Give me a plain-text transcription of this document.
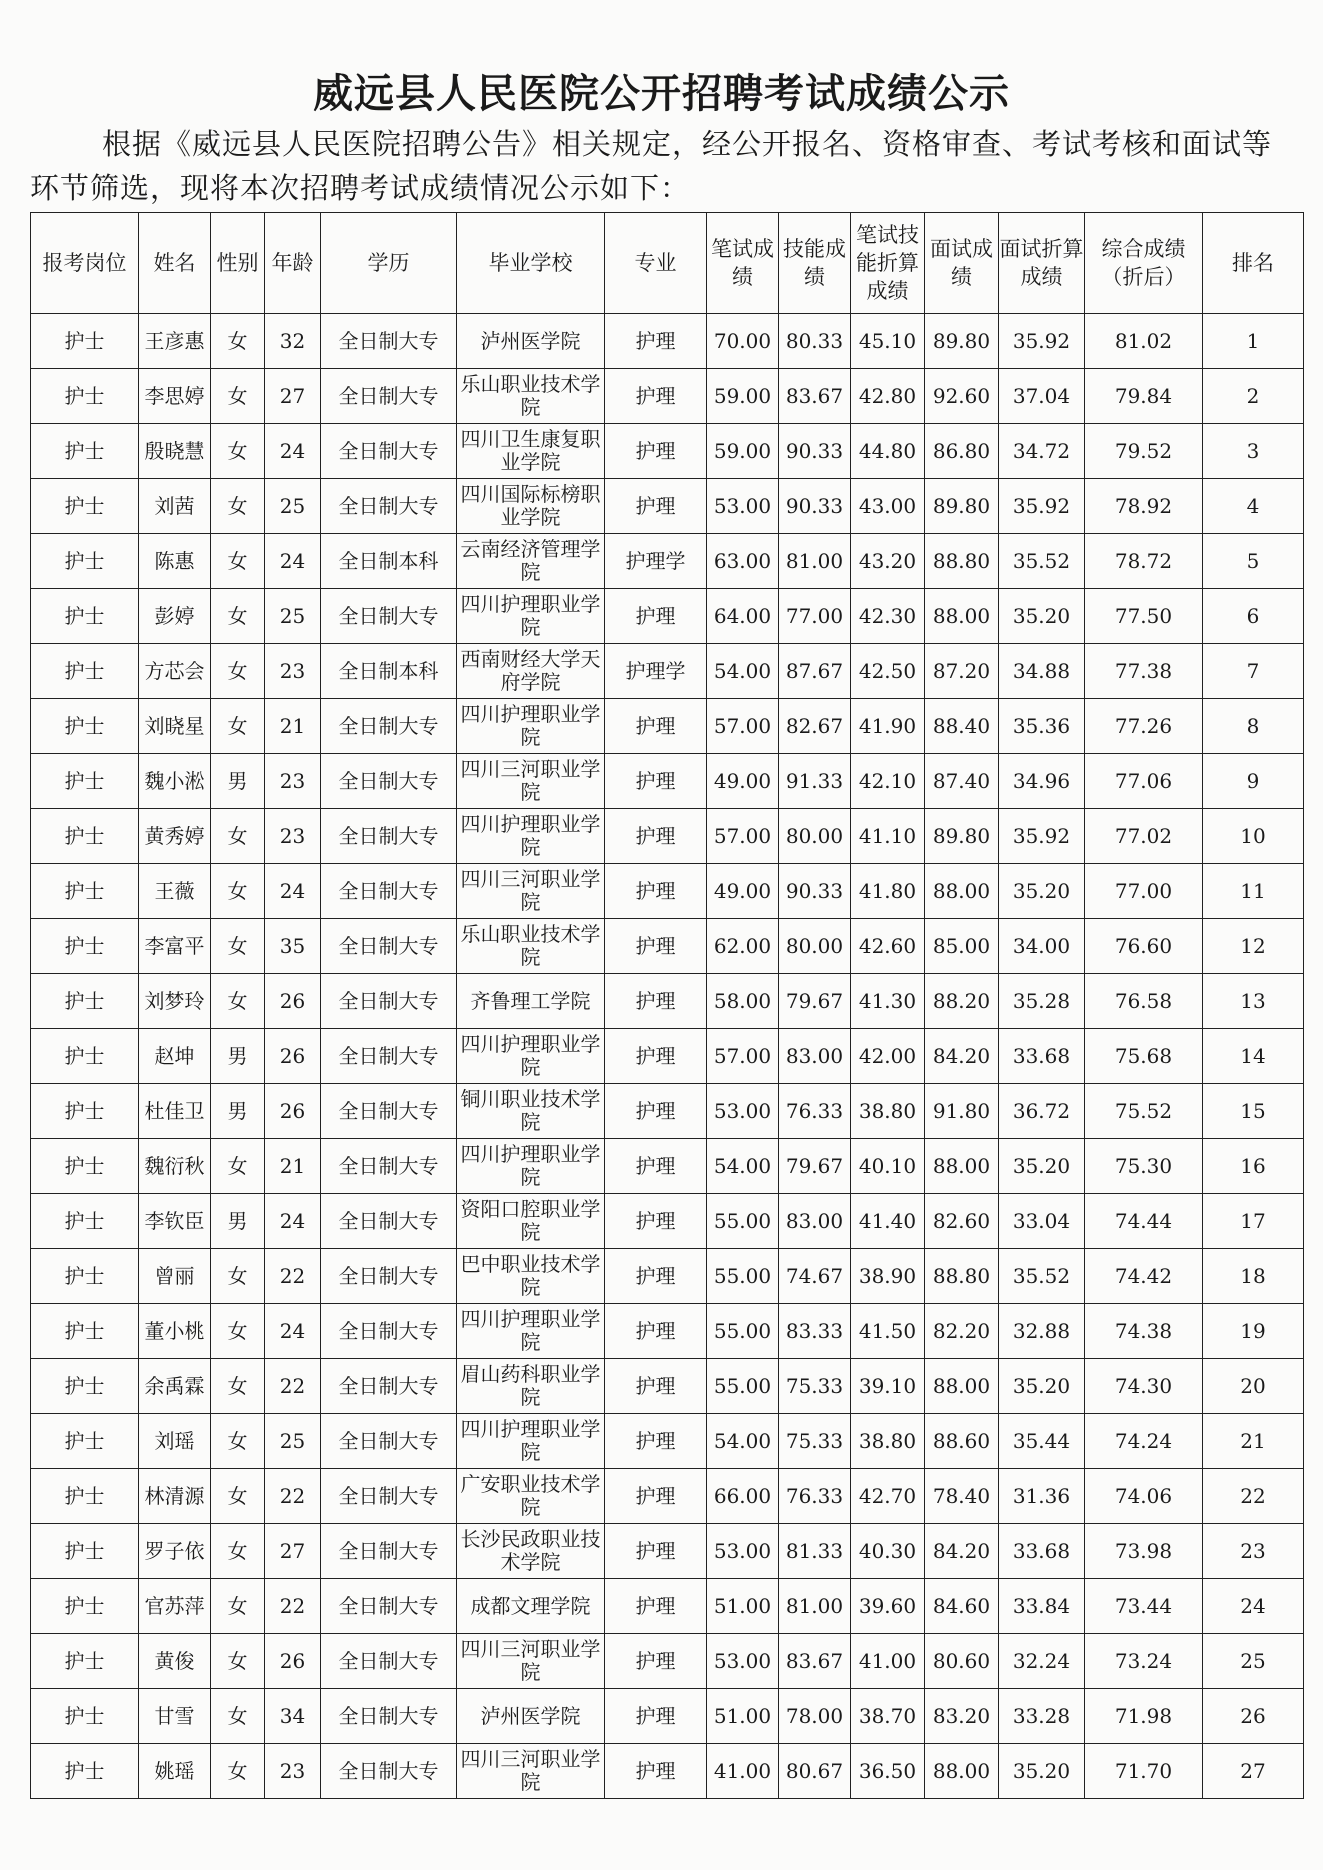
威远县人民医院公开招聘考试成绩公示
根据《威远县人民医院招聘公告》相关规定，经公开报名、资格审查、考试考核和面试等环节筛选，现将本次招聘考试成绩情况公示如下：
报考岗位	姓名	性别	年龄	学历	毕业学校	专业	笔试成绩	技能成绩	笔试技能折算成绩	面试成绩	面试折算成绩	综合成绩（折后）	排名
护士	王彦惠	女	32	全日制大专	泸州医学院	护理	70.00	80.33	45.10	89.80	35.92	81.02	1
护士	李思婷	女	27	全日制大专	乐山职业技术学院	护理	59.00	83.67	42.80	92.60	37.04	79.84	2
护士	殷晓慧	女	24	全日制大专	四川卫生康复职业学院	护理	59.00	90.33	44.80	86.80	34.72	79.52	3
护士	刘茜	女	25	全日制大专	四川国际标榜职业学院	护理	53.00	90.33	43.00	89.80	35.92	78.92	4
护士	陈惠	女	24	全日制本科	云南经济管理学院	护理学	63.00	81.00	43.20	88.80	35.52	78.72	5
护士	彭婷	女	25	全日制大专	四川护理职业学院	护理	64.00	77.00	42.30	88.00	35.20	77.50	6
护士	方芯会	女	23	全日制本科	西南财经大学天府学院	护理学	54.00	87.67	42.50	87.20	34.88	77.38	7
护士	刘晓星	女	21	全日制大专	四川护理职业学院	护理	57.00	82.67	41.90	88.40	35.36	77.26	8
护士	魏小淞	男	23	全日制大专	四川三河职业学院	护理	49.00	91.33	42.10	87.40	34.96	77.06	9
护士	黄秀婷	女	23	全日制大专	四川护理职业学院	护理	57.00	80.00	41.10	89.80	35.92	77.02	10
护士	王薇	女	24	全日制大专	四川三河职业学院	护理	49.00	90.33	41.80	88.00	35.20	77.00	11
护士	李富平	女	35	全日制大专	乐山职业技术学院	护理	62.00	80.00	42.60	85.00	34.00	76.60	12
护士	刘梦玲	女	26	全日制大专	齐鲁理工学院	护理	58.00	79.67	41.30	88.20	35.28	76.58	13
护士	赵坤	男	26	全日制大专	四川护理职业学院	护理	57.00	83.00	42.00	84.20	33.68	75.68	14
护士	杜佳卫	男	26	全日制大专	铜川职业技术学院	护理	53.00	76.33	38.80	91.80	36.72	75.52	15
护士	魏衍秋	女	21	全日制大专	四川护理职业学院	护理	54.00	79.67	40.10	88.00	35.20	75.30	16
护士	李钦臣	男	24	全日制大专	资阳口腔职业学院	护理	55.00	83.00	41.40	82.60	33.04	74.44	17
护士	曾丽	女	22	全日制大专	巴中职业技术学院	护理	55.00	74.67	38.90	88.80	35.52	74.42	18
护士	董小桃	女	24	全日制大专	四川护理职业学院	护理	55.00	83.33	41.50	82.20	32.88	74.38	19
护士	余禹霖	女	22	全日制大专	眉山药科职业学院	护理	55.00	75.33	39.10	88.00	35.20	74.30	20
护士	刘瑶	女	25	全日制大专	四川护理职业学院	护理	54.00	75.33	38.80	88.60	35.44	74.24	21
护士	林清源	女	22	全日制大专	广安职业技术学院	护理	66.00	76.33	42.70	78.40	31.36	74.06	22
护士	罗子依	女	27	全日制大专	长沙民政职业技术学院	护理	53.00	81.33	40.30	84.20	33.68	73.98	23
护士	官苏萍	女	22	全日制大专	成都文理学院	护理	51.00	81.00	39.60	84.60	33.84	73.44	24
护士	黄俊	女	26	全日制大专	四川三河职业学院	护理	53.00	83.67	41.00	80.60	32.24	73.24	25
护士	甘雪	女	34	全日制大专	泸州医学院	护理	51.00	78.00	38.70	83.20	33.28	71.98	26
护士	姚瑶	女	23	全日制大专	四川三河职业学院	护理	41.00	80.67	36.50	88.00	35.20	71.70	27
